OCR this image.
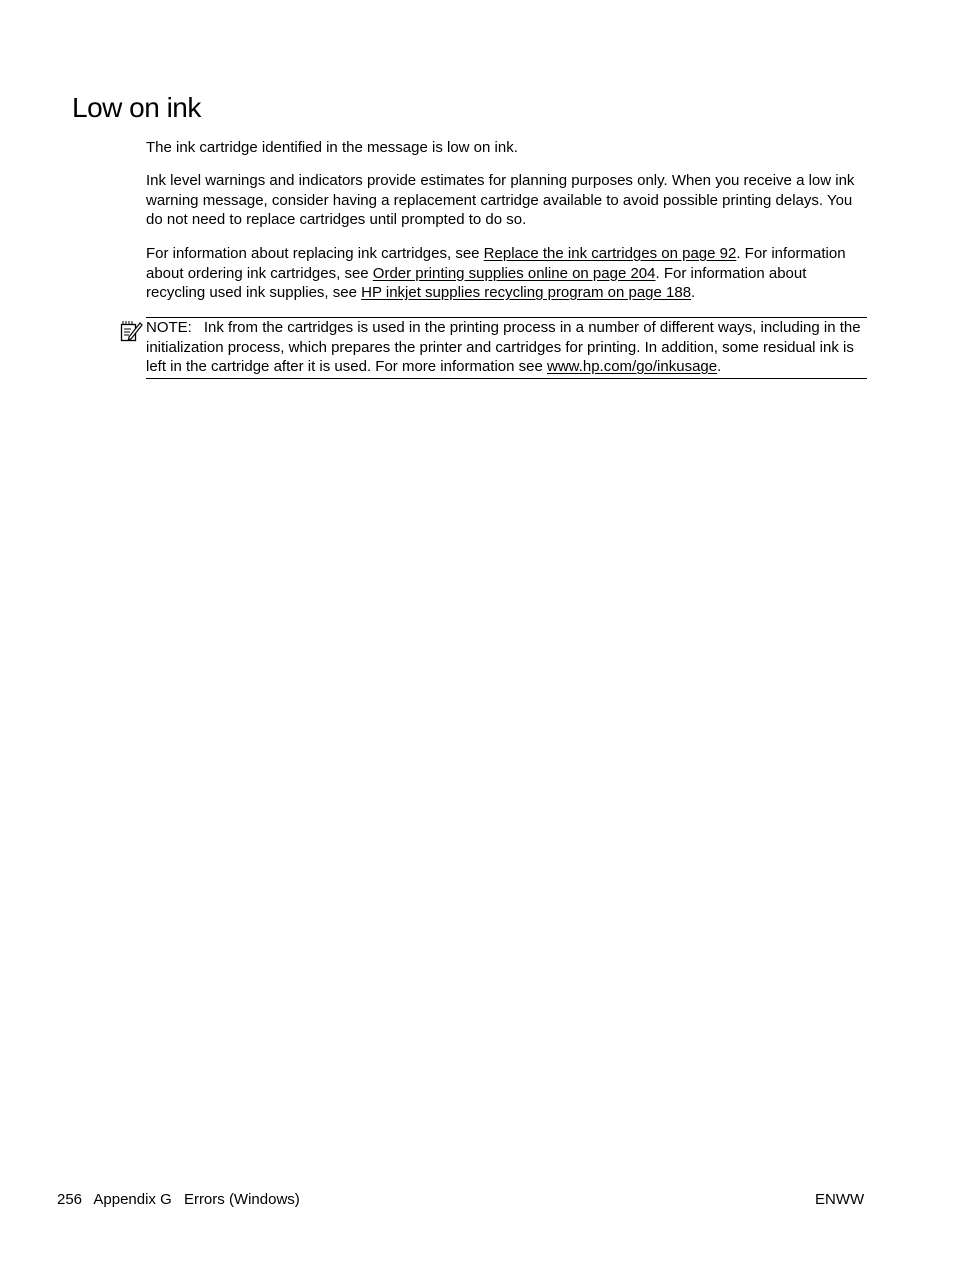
Low on ink

The ink cartridge identified in the message is low on ink.

Ink level warnings and indicators provide estimates for planning purposes only. When you receive a low ink warning message, consider having a replacement cartridge available to avoid possible printing delays. You do not need to replace cartridges until prompted to do so.

For information about replacing ink cartridges, see Replace the ink cartridges on page 92. For information about ordering ink cartridges, see Order printing supplies online on page 204. For information about recycling used ink supplies, see HP inkjet supplies recycling program on page 188.

NOTE: Ink from the cartridges is used in the printing process in a number of different ways, including in the initialization process, which prepares the printer and cartridges for printing. In addition, some residual ink is left in the cartridge after it is used. For more information see www.hp.com/go/inkusage.
256 Appendix G Errors (Windows)	ENWW
